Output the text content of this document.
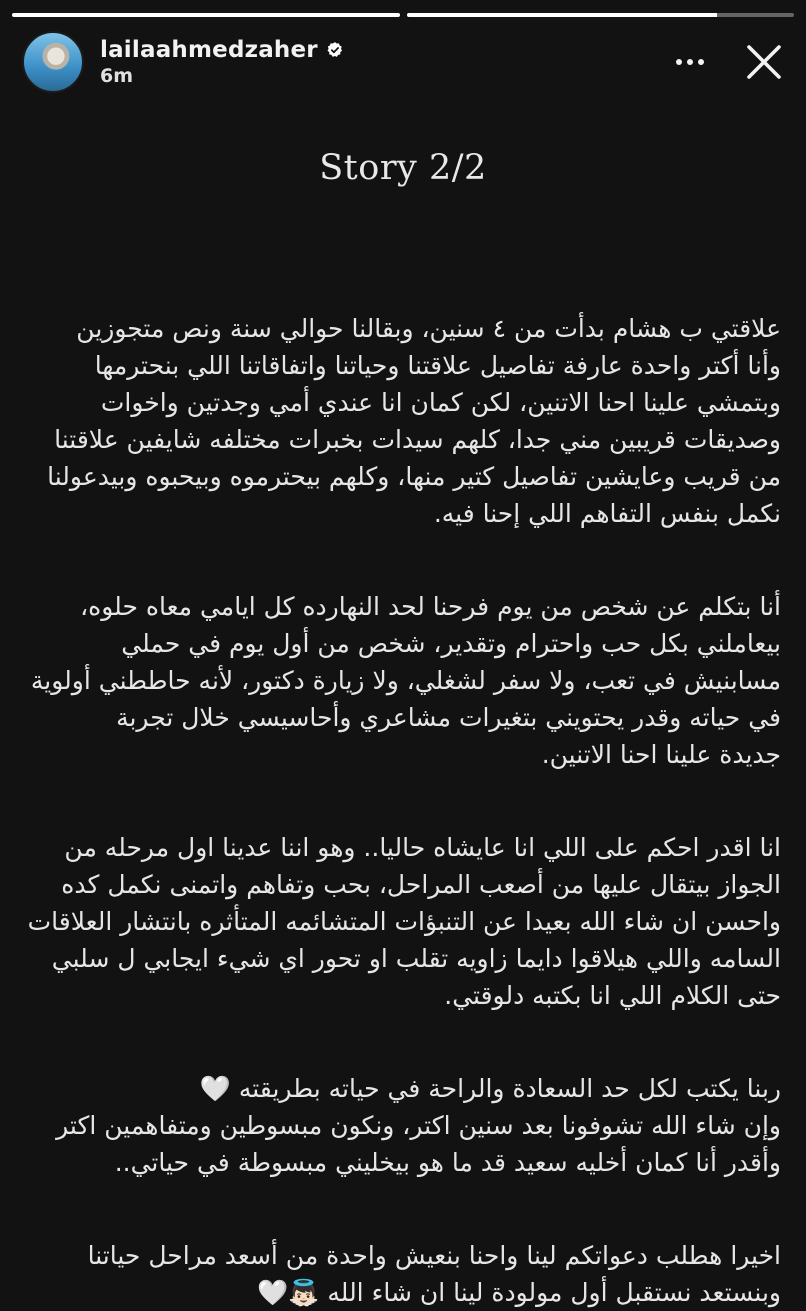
lailaahmedzaher
6m
Story 2/2
علاقتي ب هشام بدأت من ٤ سنين، وبقالنا حوالي سنة ونص متجوزين
وأنا أكتر واحدة عارفة تفاصيل علاقتنا وحياتنا واتفاقاتنا اللي بنحترمها
وبتمشي علينا احنا الاتنين، لكن كمان انا عندي أمي وجدتين واخوات
وصديقات قريبين مني جدا، كلهم سيدات بخبرات مختلفه شايفين علاقتنا
من قريب وعايشين تفاصيل كتير منها، وكلهم بيحترموه وبيحبوه وبيدعولنا
نكمل بنفس التفاهم اللي إحنا فيه.
أنا بتكلم عن شخص من يوم فرحنا لحد النهارده كل ايامي معاه حلوه،
بيعاملني بكل حب واحترام وتقدير، شخص من أول يوم في حملي
مسابنيش في تعب، ولا سفر لشغلي، ولا زيارة دكتور، لأنه حاططني أولوية
في حياته وقدر يحتويني بتغيرات مشاعري وأحاسيسي خلال تجربة
جديدة علينا احنا الاتنين.
انا اقدر احكم على اللي انا عايشاه حاليا.. وهو اننا عدينا اول مرحله من
الجواز بيتقال عليها من أصعب المراحل، بحب وتفاهم واتمنى نكمل كده
واحسن ان شاء الله بعيدا عن التنبؤات المتشائمه المتأثره بانتشار العلاقات
السامه واللي هيلاقوا دايما زاويه تقلب او تحور اي شيء ايجابي ل سلبي
حتى الكلام اللي انا بكتبه دلوقتي.
ربنا يكتب لكل حد السعادة والراحة في حياته بطريقته 🤍
وإن شاء الله تشوفونا بعد سنين اكتر، ونكون مبسوطين ومتفاهمين اكتر
وأقدر أنا كمان أخليه سعيد قد ما هو بيخليني مبسوطة في حياتي..
اخيرا هطلب دعواتكم لينا واحنا بنعيش واحدة من أسعد مراحل حياتنا
وبنستعد نستقبل أول مولودة لينا ان شاء الله 👼🏻🤍
